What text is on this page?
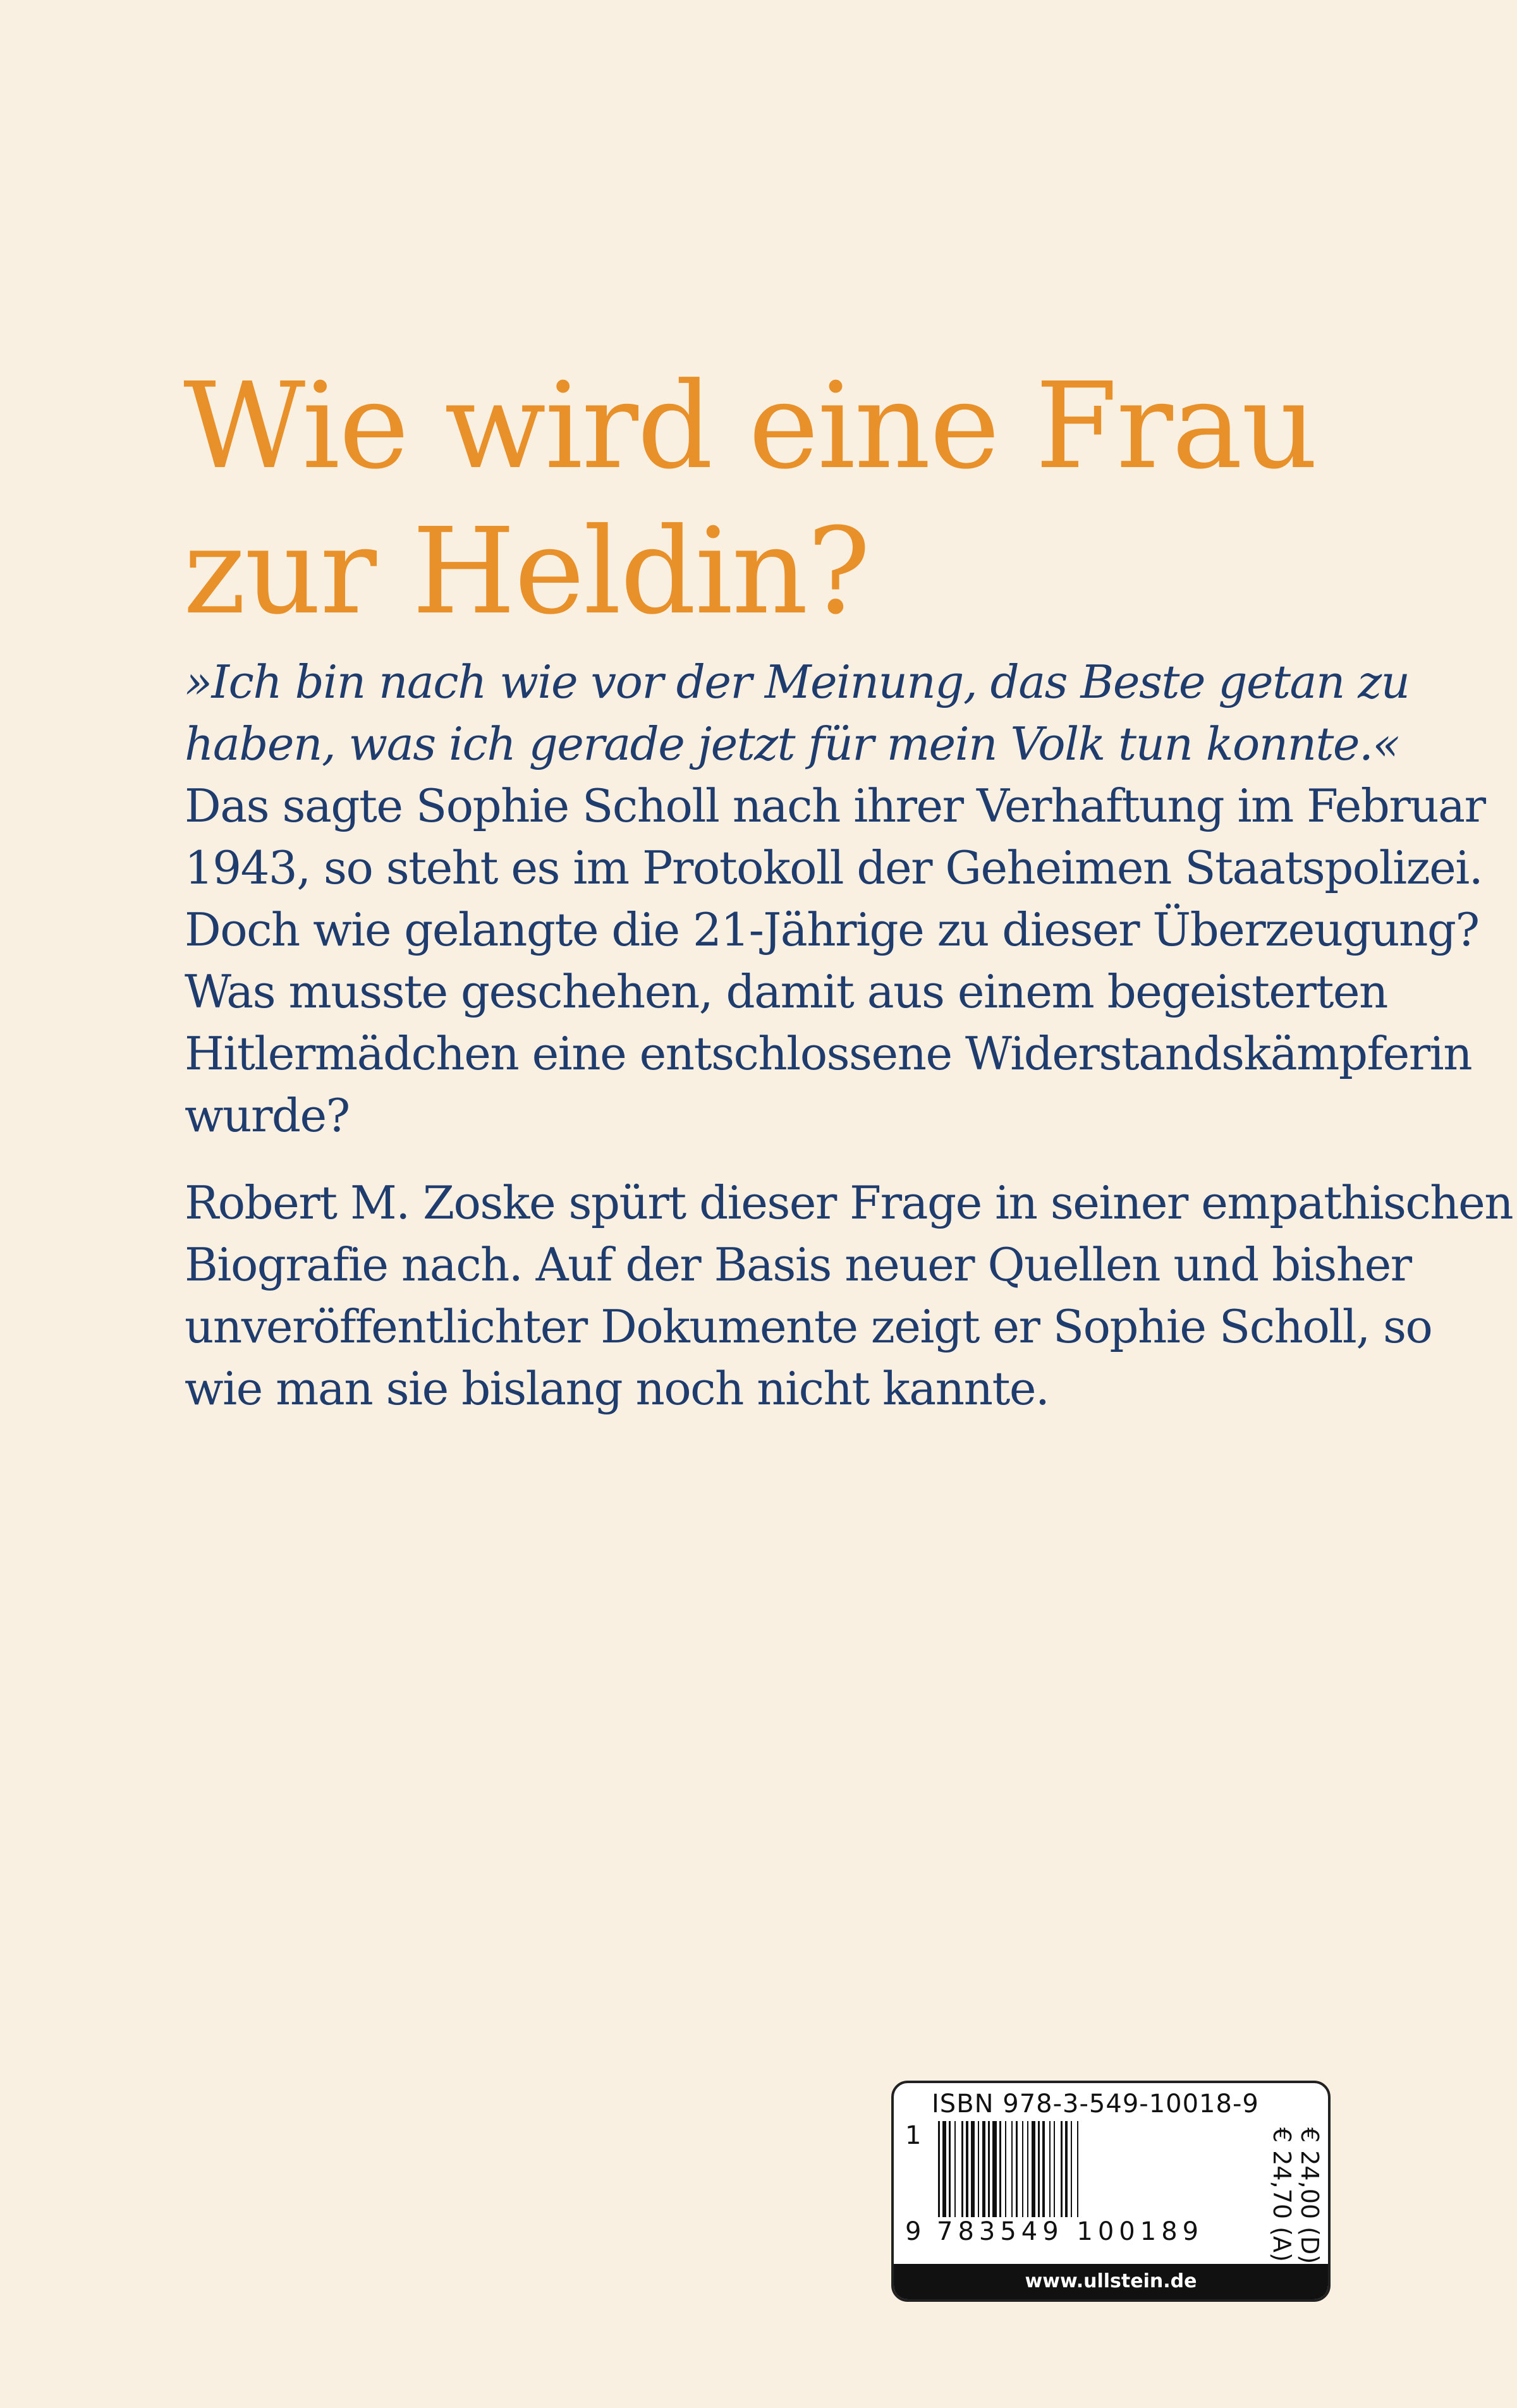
Wie wird eine Frau
zur Heldin?
»Ich bin nach wie vor der Meinung, das Beste getan zu
haben, was ich gerade jetzt für mein Volk tun konnte.«
Das sagte Sophie Scholl nach ihrer Verhaftung im Februar
1943, so steht es im Protokoll der Geheimen Staatspolizei.
Doch wie gelangte die 21-Jährige zu dieser Überzeugung?
Was musste geschehen, damit aus einem begeisterten
Hitlermädchen eine entschlossene Widerstandskämpferin
wurde?
Robert M. Zoske spürt dieser Frage in seiner empathischen
Biografie nach. Auf der Basis neuer Quellen und bisher
unveröffentlichter Dokumente zeigt er Sophie Scholl, so
wie man sie bislang noch nicht kannte.
ISBN 978-3-549-10018-9
1
9 783549 100189	€ 24,00 (D)
€ 24,70 (A)
www.ullstein.de
